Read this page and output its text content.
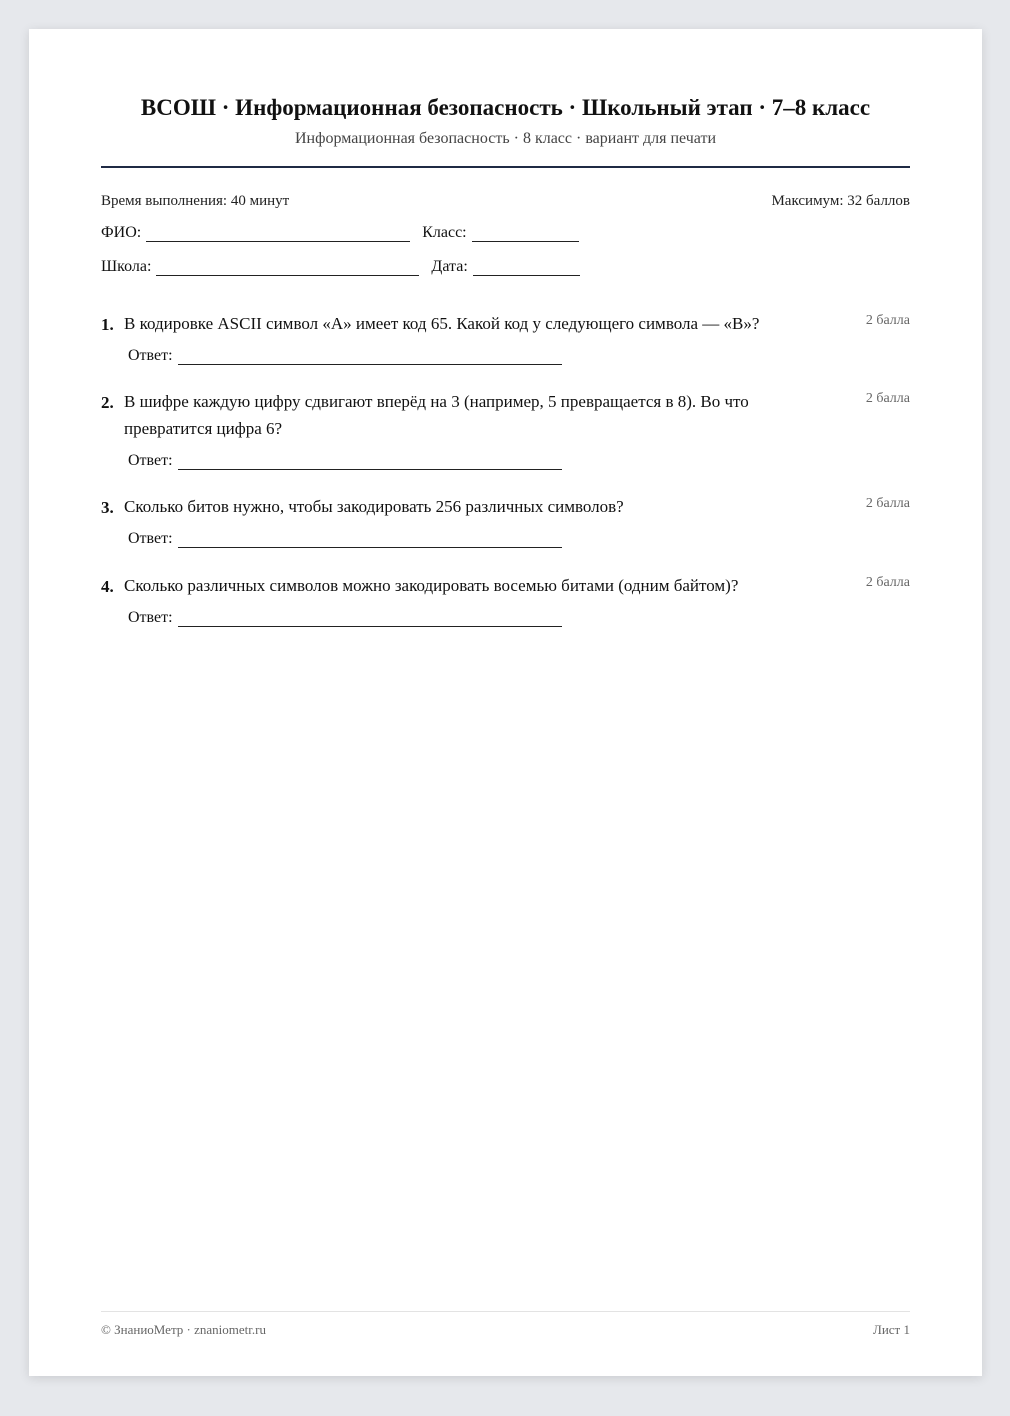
ВСОШ · Информационная безопасность · Школьный этап · 7–8 класс
Информационная безопасность · 8 класс · вариант для печати
Время выполнения: 40 минут	Максимум: 32 баллов
ФИО:	Класс:
Школа:	Дата:
1. В кодировке ASCII символ «A» имеет код 65. Какой код у следующего символа — «B»?	2 балла
Ответ:
2. В шифре каждую цифру сдвигают вперёд на 3 (например, 5 превращается в 8). Во что превратится цифра 6?
2 балла
Ответ:
3. Сколько битов нужно, чтобы закодировать 256 различных символов?	2 балла
Ответ:
4. Сколько различных символов можно закодировать восемью битами (одним байтом)?	2 балла
Ответ:
© ЗнаниоМетр · znaniometr.ru	Лист 1
